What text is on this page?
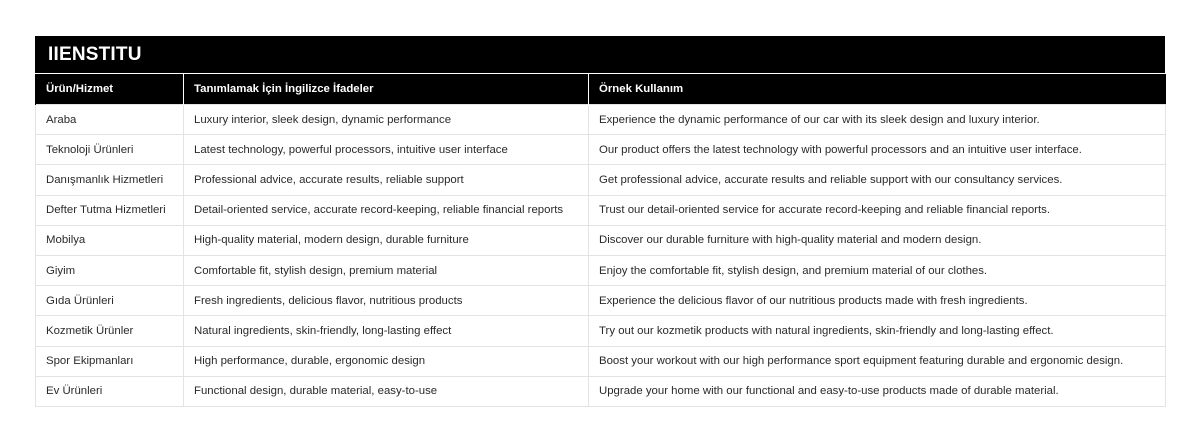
IIENSTITU
Ürün/Hizmet	Tanımlamak İçin İngilizce İfadeler	Örnek Kullanım
Araba	Luxury interior, sleek design, dynamic performance	Experience the dynamic performance of our car with its sleek design and luxury interior.
Teknoloji Ürünleri	Latest technology, powerful processors, intuitive user interface	Our product offers the latest technology with powerful processors and an intuitive user interface.
Danışmanlık Hizmetleri	Professional advice, accurate results, reliable support	Get professional advice, accurate results and reliable support with our consultancy services.
Defter Tutma Hizmetleri	Detail-oriented service, accurate record-keeping, reliable financial reports	Trust our detail-oriented service for accurate record-keeping and reliable financial reports.
Mobilya	High-quality material, modern design, durable furniture	Discover our durable furniture with high-quality material and modern design.
Giyim	Comfortable fit, stylish design, premium material	Enjoy the comfortable fit, stylish design, and premium material of our clothes.
Gıda Ürünleri	Fresh ingredients, delicious flavor, nutritious products	Experience the delicious flavor of our nutritious products made with fresh ingredients.
Kozmetik Ürünler	Natural ingredients, skin-friendly, long-lasting effect	Try out our kozmetik products with natural ingredients, skin-friendly and long-lasting effect.
Spor Ekipmanları	High performance, durable, ergonomic design	Boost your workout with our high performance sport equipment featuring durable and ergonomic design.
Ev Ürünleri	Functional design, durable material, easy-to-use	Upgrade your home with our functional and easy-to-use products made of durable material.
